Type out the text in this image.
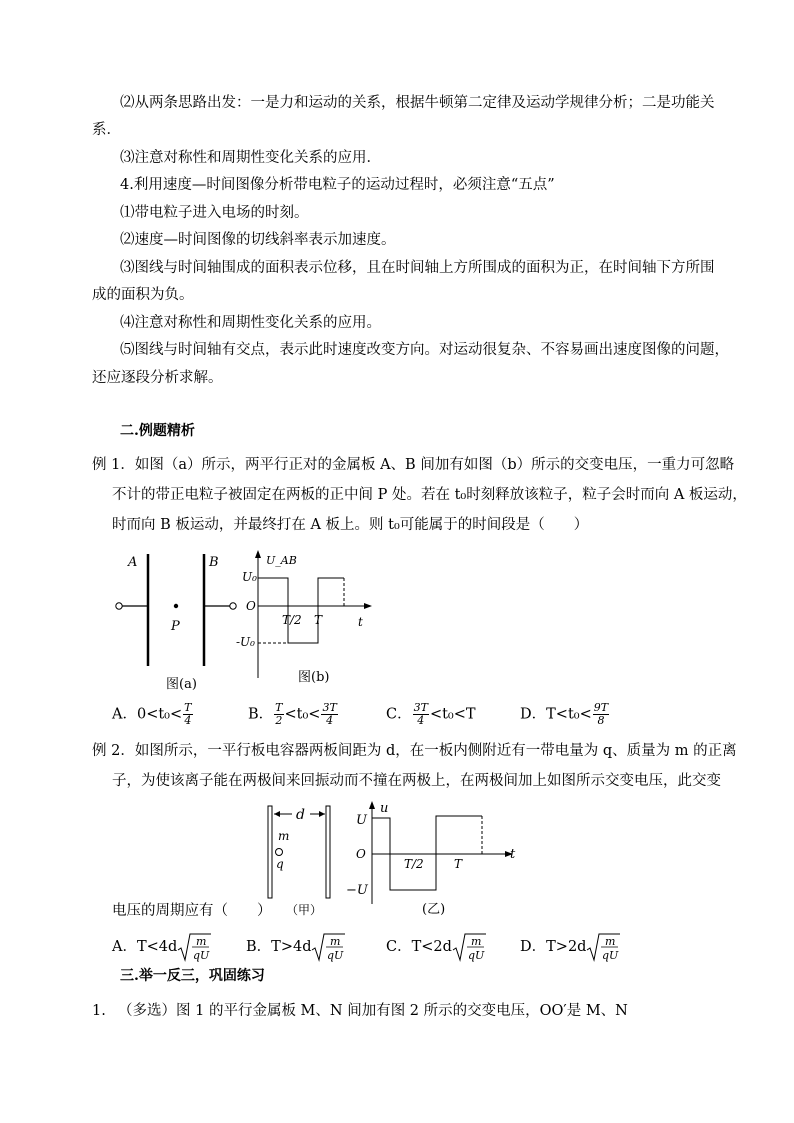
⑵从两条思路出发：一是力和运动的关系，根据牛顿第二定律及运动学规律分析；二是功能关
系．
⑶注意对称性和周期性变化关系的应用．
4.利用速度—时间图像分析带电粒子的运动过程时，必须注意“五点”
⑴带电粒子进入电场的时刻。
⑵速度—时间图像的切线斜率表示加速度。
⑶图线与时间轴围成的面积表示位移，且在时间轴上方所围成的面积为正，在时间轴下方所围
成的面积为负。
⑷注意对称性和周期性变化关系的应用。
⑸图线与时间轴有交点，表示此时速度改变方向。对运动很复杂、不容易画出速度图像的问题，
还应逐段分析求解。
二.例题精析
例 1．如图（a）所示，两平行正对的金属板 A、B 间加有如图（b）所示的交变电压，一重力可忽略
不计的带正电粒子被固定在两板的正中间 P 处。若在 t₀时刻释放该粒子，粒子会时而向 A 板运动，
时而向 B 板运动，并最终打在 A 板上。则 t₀可能属于的时间段是（　　）
A	B
P
图(a)
U_AB
U₀
O
-U₀
T/2 T	t
图(b)
A．$0<t_0< \frac{T}{4}$	B． $\frac{T}{2} <t_0< \frac{3T}{4}$	C． $\frac{3T}{4} <t_0<T$	D．$T<t_0< \frac{9T}{8}$
例 2．如图所示，一平行板电容器两板间距为 d，在一板内侧附近有一带电量为 q、质量为 m 的正离
子，为使该离子能在两极间来回振动而不撞在两极上，在两极间加上如图所示交变电压，此交变
d
m
q
（甲）
u
U
O
−U
T/2	T
t
(乙)
电压的周期应有（　　）
A．T<4d m
qU
B．T>4d m
qU
C．T<2d m
qU
D．T>2d m
qU
三.举一反三，巩固练习
1. （多选）图 1 的平行金属板 M、N 间加有图 2 所示的交变电压，OO′是 M、N
